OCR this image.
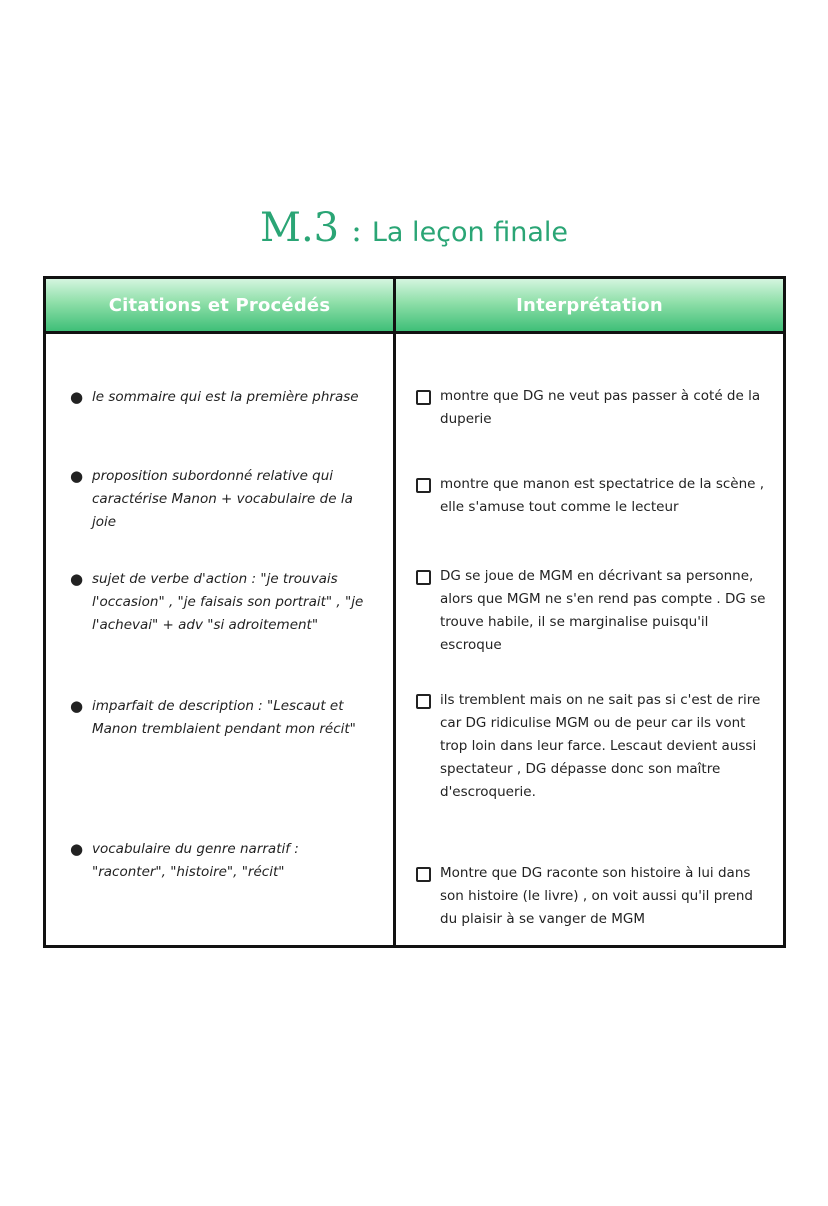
M.3 : La leçon finale
Citations et Procédés	Interprétation
● le sommaire qui est la première phrase
● proposition subordonné relative qui caractérise Manon + vocabulaire de la joie
● sujet de verbe d'action : "je trouvais l'occasion" , "je faisais son portrait" , "je l'achevai" + adv "si adroitement"
● imparfait de description : "Lescaut et Manon tremblaient pendant mon récit"
● vocabulaire du genre narratif : "raconter", "histoire", "récit"
montre que DG ne veut pas passer à coté de la duperie
montre que manon est spectatrice de la scène , elle s'amuse tout comme le lecteur
DG se joue de MGM en décrivant sa personne, alors que MGM ne s'en rend pas compte . DG se trouve habile, il se marginalise puisqu'il escroque
ils tremblent mais on ne sait pas si c'est de rire car DG ridiculise MGM ou de peur car ils vont trop loin dans leur farce. Lescaut devient aussi spectateur , DG dépasse donc son maître d'escroquerie.
Montre que DG raconte son histoire à lui dans son histoire (le livre) , on voit aussi qu'il prend du plaisir à se vanger de MGM
